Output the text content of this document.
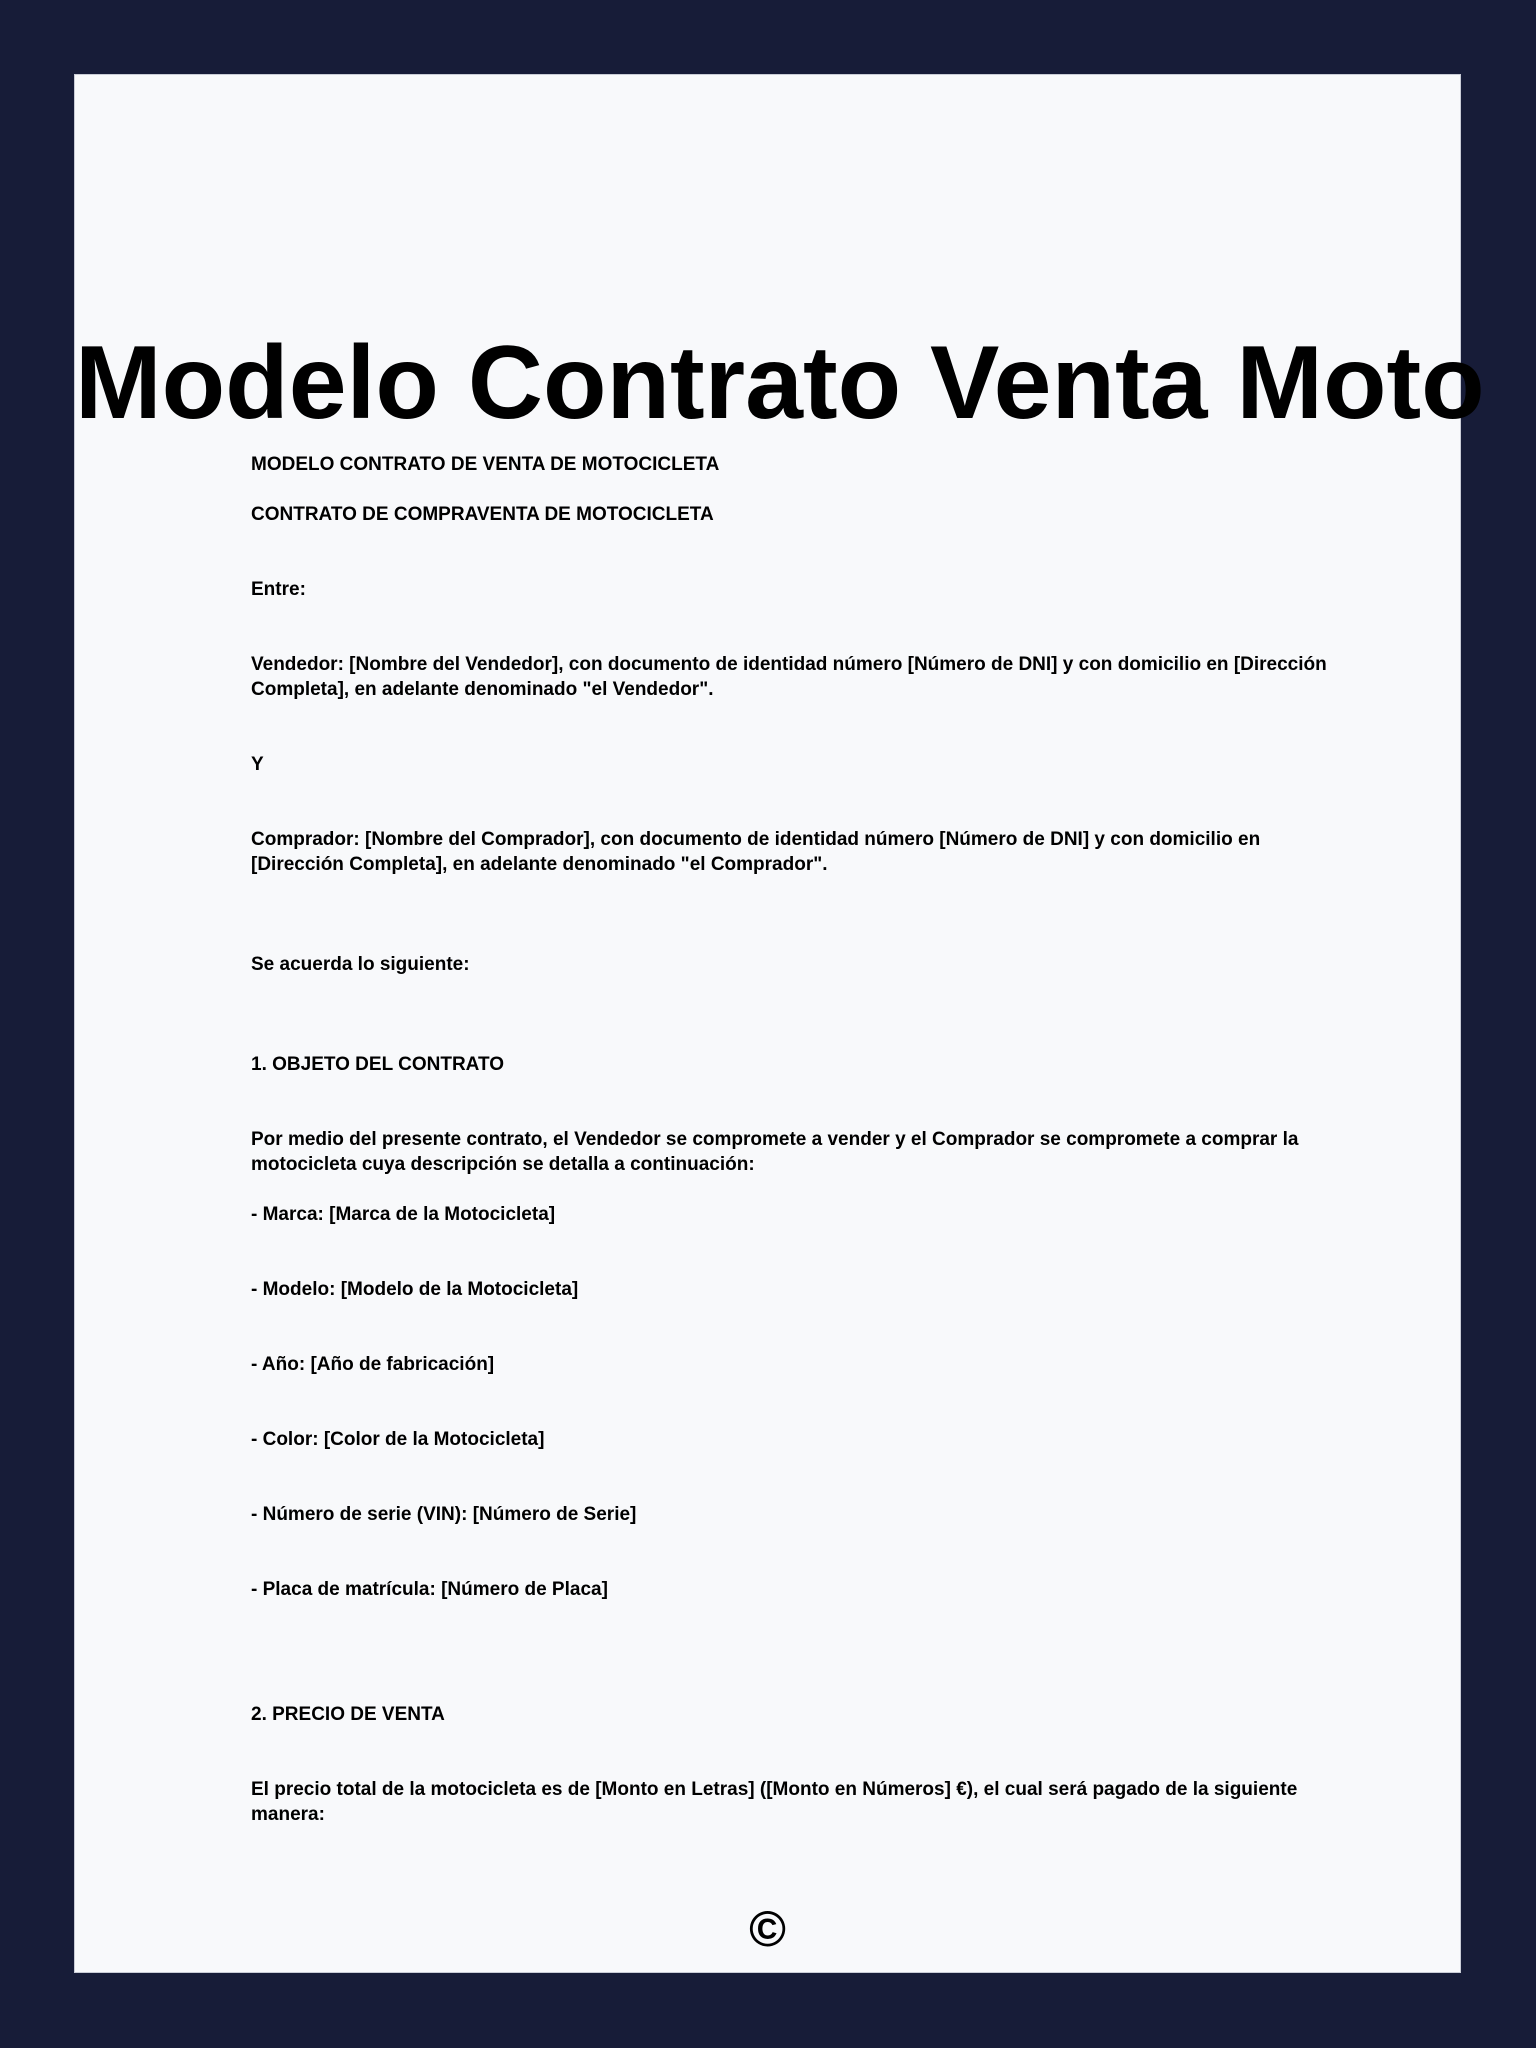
Modelo Contrato Venta Moto

MODELO CONTRATO DE VENTA DE MOTOCICLETA

CONTRATO DE COMPRAVENTA DE MOTOCICLETA

Entre:

Vendedor: [Nombre del Vendedor], con documento de identidad número [Número de DNI] y con domicilio en [Dirección Completa], en adelante denominado "el Vendedor".

Y

Comprador: [Nombre del Comprador], con documento de identidad número [Número de DNI] y con domicilio en [Dirección Completa], en adelante denominado "el Comprador".

Se acuerda lo siguiente:

1. OBJETO DEL CONTRATO

Por medio del presente contrato, el Vendedor se compromete a vender y el Comprador se compromete a comprar la motocicleta cuya descripción se detalla a continuación:

- Marca: [Marca de la Motocicleta]

- Modelo: [Modelo de la Motocicleta]

- Año: [Año de fabricación]

- Color: [Color de la Motocicleta]

- Número de serie (VIN): [Número de Serie]

- Placa de matrícula: [Número de Placa]

2. PRECIO DE VENTA

El precio total de la motocicleta es de [Monto en Letras] ([Monto en Números] €), el cual será pagado de la siguiente manera:

©
